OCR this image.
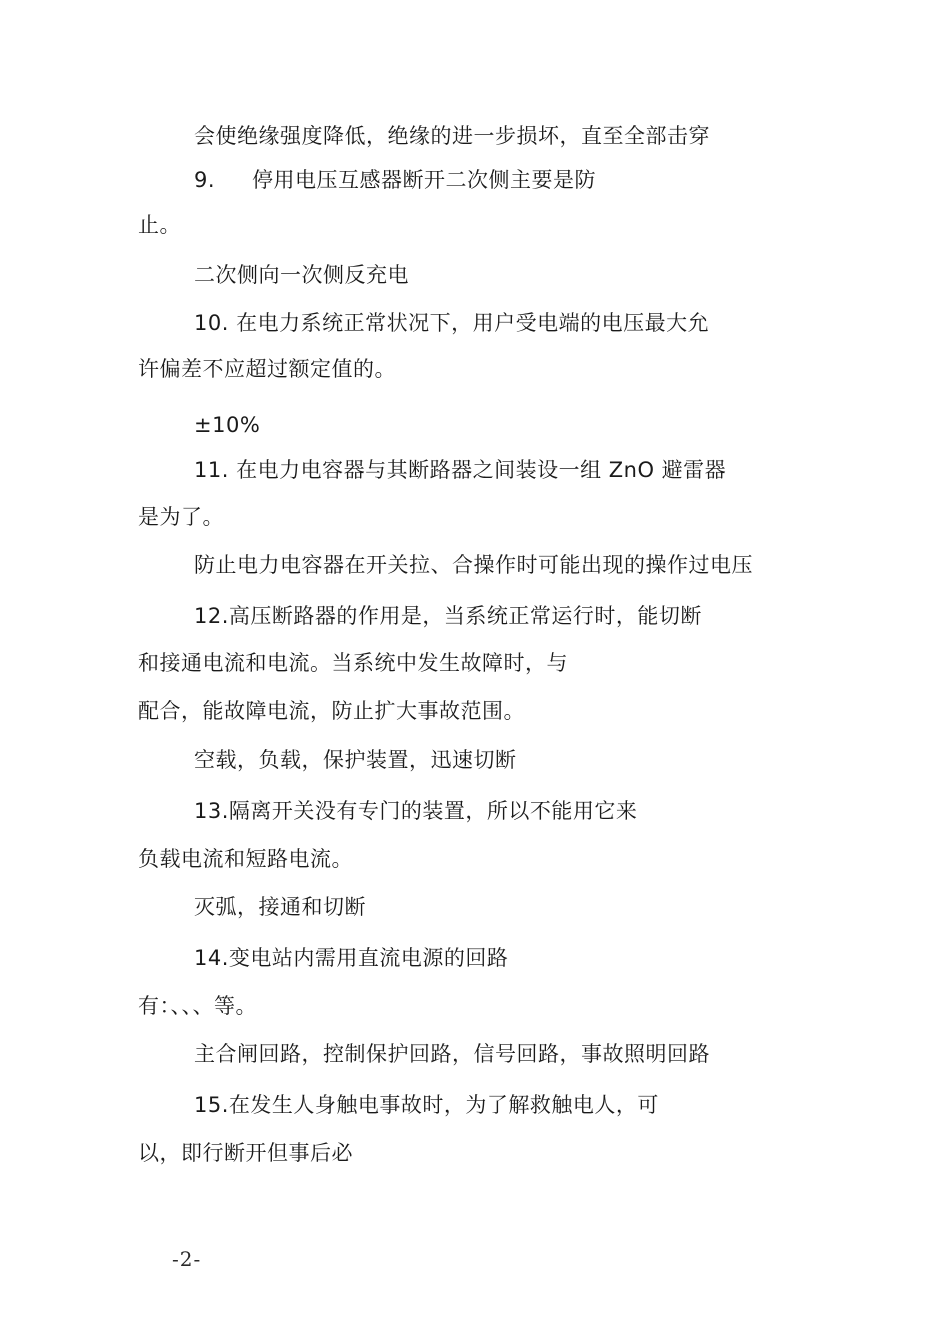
会使绝缘强度降低，绝缘的进一步损坏，直至全部击穿
9. 停用电压互感器断开二次侧主要是防
止。
二次侧向一次侧反充电
10. 在电力系统正常状况下，用户受电端的电压最大允
许偏差不应超过额定值的。
±10%
11. 在电力电容器与其断路器之间装设一组 ZnO 避雷器
是为了。
防止电力电容器在开关拉、合操作时可能出现的操作过电压
12.高压断路器的作用是，当系统正常运行时，能切断
和接通电流和电流。当系统中发生故障时，与
配合，能故障电流，防止扩大事故范围。
空载，负载，保护装置，迅速切断
13.隔离开关没有专门的装置，所以不能用它来
负载电流和短路电流。
灭弧，接通和切断
14.变电站内需用直流电源的回路
有：、、、等。
主合闸回路，控制保护回路，信号回路，事故照明回路
15.在发生人身触电事故时，为了解救触电人，可
以，即行断开但事后必
-2-
